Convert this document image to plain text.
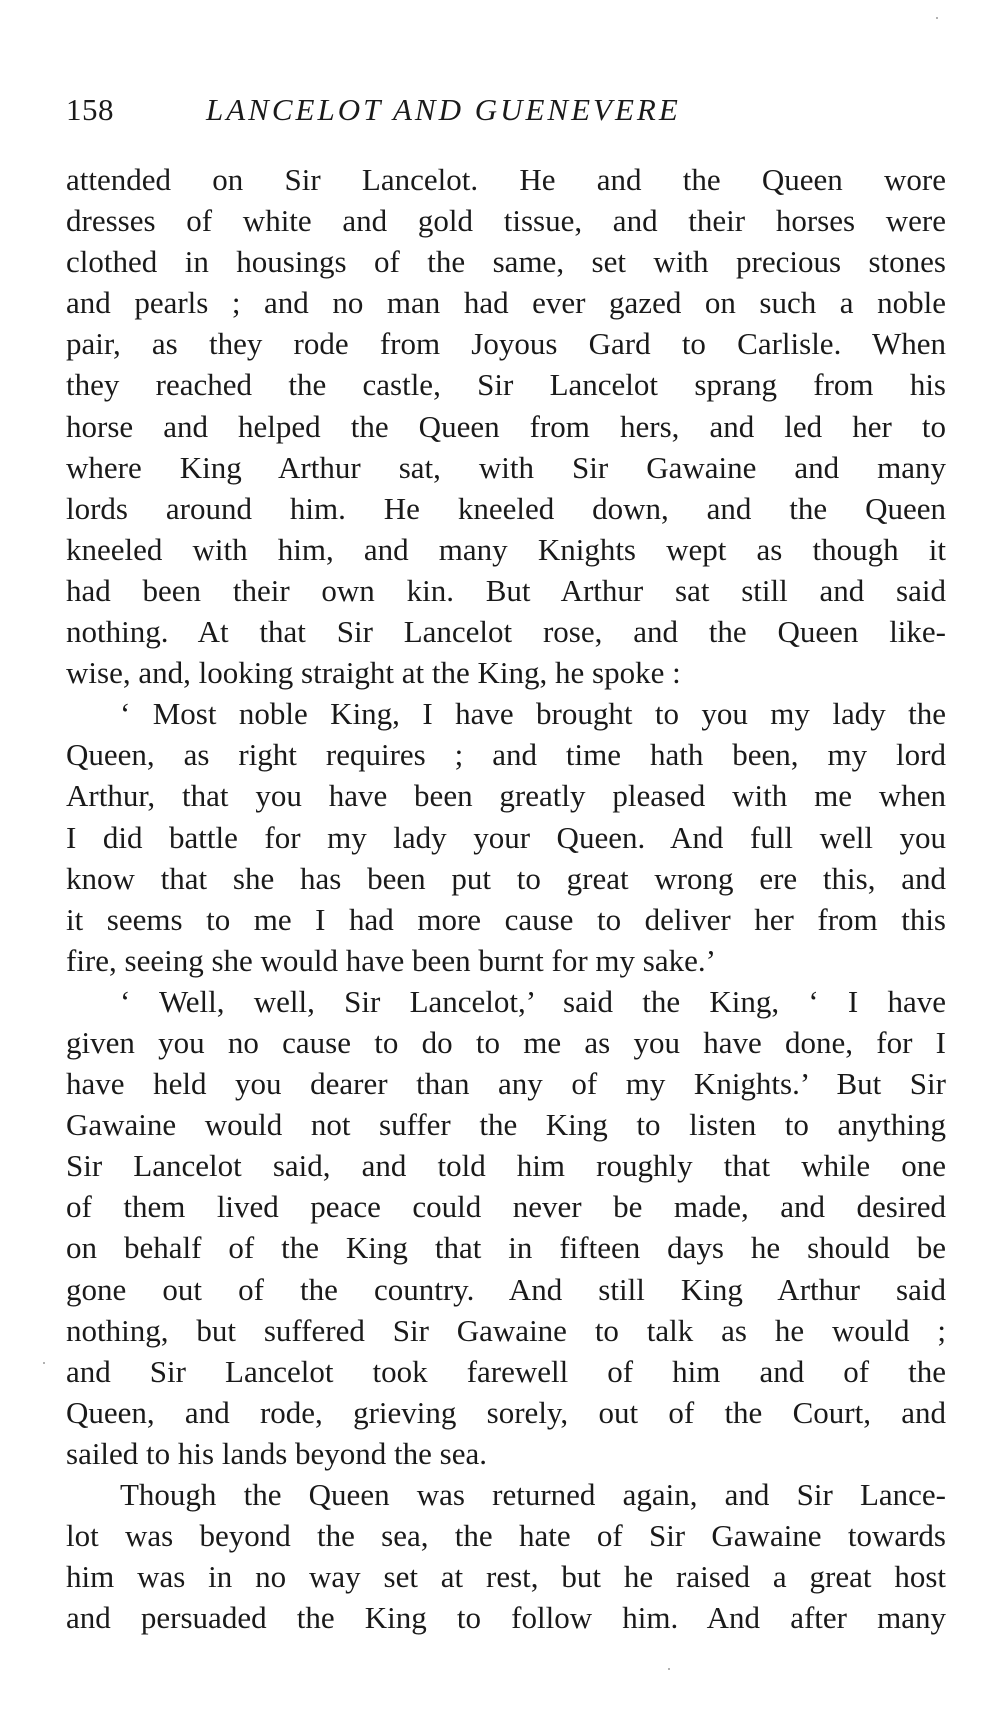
158	LANCELOT AND GUENEVERE
attended on Sir Lancelot. He and the Queen wore
dresses of white and gold tissue, and their horses were
clothed in housings of the same, set with precious stones
and pearls ; and no man had ever gazed on such a noble
pair, as they rode from Joyous Gard to Carlisle. When
they reached the castle, Sir Lancelot sprang from his
horse and helped the Queen from hers, and led her to
where King Arthur sat, with Sir Gawaine and many
lords around him. He kneeled down, and the Queen
kneeled with him, and many Knights wept as though it
had been their own kin. But Arthur sat still and said
nothing. At that Sir Lancelot rose, and the Queen like-
wise, and, looking straight at the King, he spoke :
‘ Most noble King, I have brought to you my lady the
Queen, as right requires ; and time hath been, my lord
Arthur, that you have been greatly pleased with me when
I did battle for my lady your Queen. And full well you
know that she has been put to great wrong ere this, and
it seems to me I had more cause to deliver her from this
fire, seeing she would have been burnt for my sake.’
‘ Well, well, Sir Lancelot,’ said the King, ‘ I have
given you no cause to do to me as you have done, for I
have held you dearer than any of my Knights.’ But Sir
Gawaine would not suffer the King to listen to anything
Sir Lancelot said, and told him roughly that while one
of them lived peace could never be made, and desired
on behalf of the King that in fifteen days he should be
gone out of the country. And still King Arthur said
nothing, but suffered Sir Gawaine to talk as he would ;
and Sir Lancelot took farewell of him and of the
Queen, and rode, grieving sorely, out of the Court, and
sailed to his lands beyond the sea.
Though the Queen was returned again, and Sir Lance-
lot was beyond the sea, the hate of Sir Gawaine towards
him was in no way set at rest, but he raised a great host
and persuaded the King to follow him. And after many
